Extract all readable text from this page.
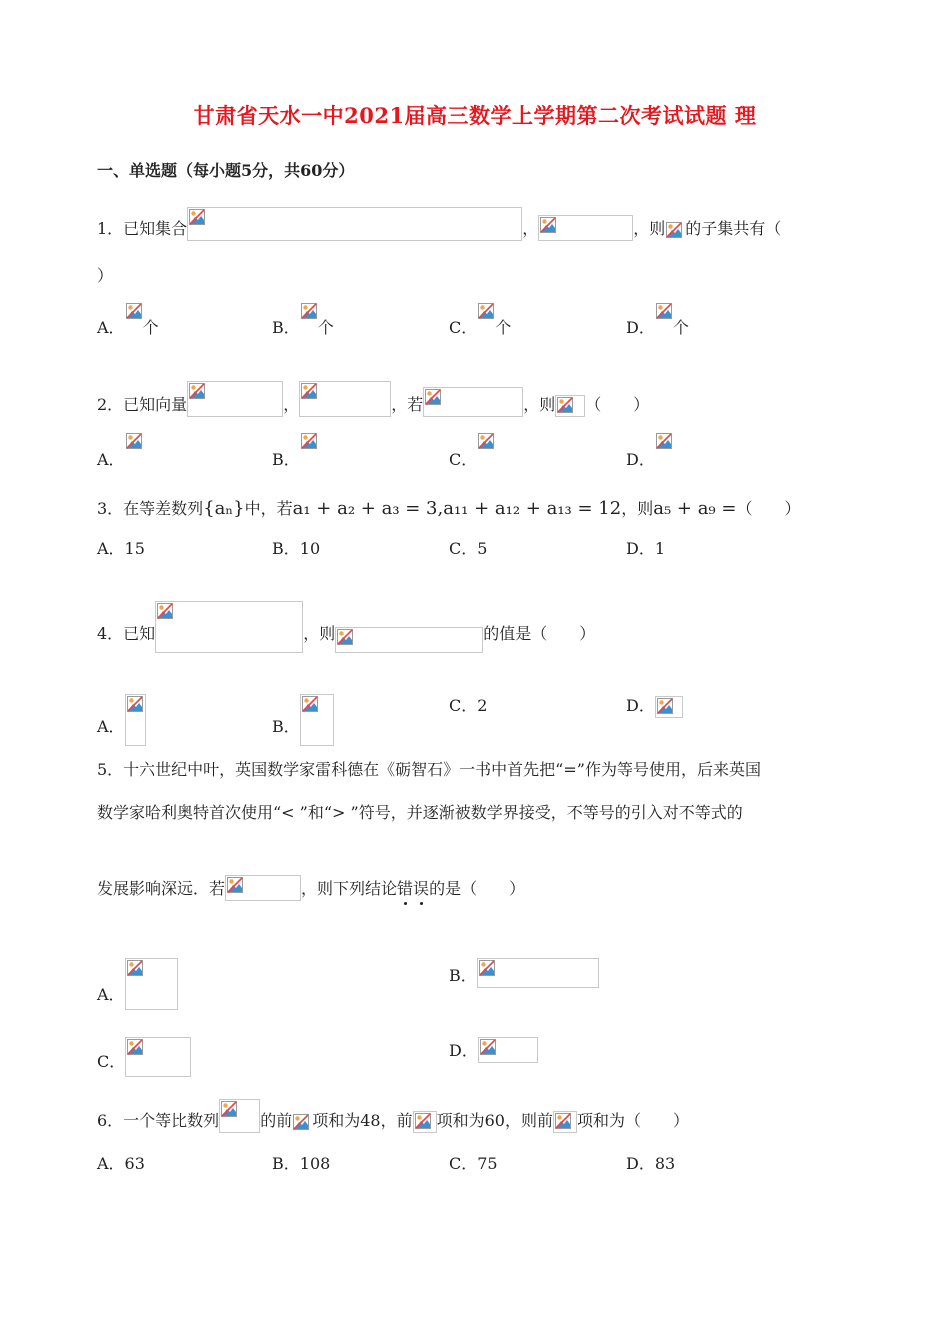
甘肃省天水一中2021届高三数学上学期第二次考试试题 理
一、单选题（每小题5分，共60分）
1．已知集合	，	，则 的子集共有（
）
A． 个	B． 个	C． 个	D． 个
2．已知向量	，	，若	，则 （　　）
A．	B．	C．	D．
3．在等差数列{aₙ}中，若a₁ + a₂ + a₃ = 3,a₁₁ + a₁₂ + a₁₃ = 12，则a₅ + a₉ =（　　）
A．15	B．10	C．5	D．1
4．已知	，则	的值是（　　）
A．	B．
C．2	D．
5．十六世纪中叶，英国数学家雷科德在《砺智石》一书中首先把“=”作为等号使用，后来英国
数学家哈利奥特首次使用“< ”和“> ”符号，并逐渐被数学界接受，不等号的引入对不等式的
发展影响深远．若	，则下列结论错误的是（　　）
A．
B．
C．
D．
6．一个等比数列	的前 项和为48，前 项和为60，则前 项和为（　　）
A．63	B．108	C．75	D．83
